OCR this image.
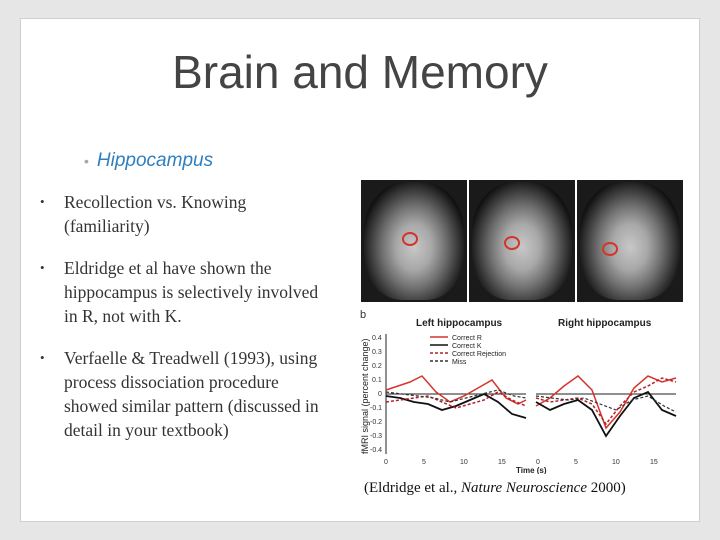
Brain and Memory
• Hippocampus
• Recollection vs. Knowing (familiarity)
• Eldridge et al have shown the hippocampus is selectively involved in R, not with K.
• Verfaelle & Treadwell (1993), using process dissociation procedure showed similar pattern (discussed in detail in your textbook)
b
Left hippocampus	Right hippocampus
fMRI signal (percent change) 0.4
0.3
0.2
0.1
0
-0.1
-0.2
-0.3
-0.4
0	5	10	15	0	5	10	15
Time (s)
Correct R
Correct K
Correct Rejection
Miss
(Eldridge et al., Nature Neuroscience 2000)
